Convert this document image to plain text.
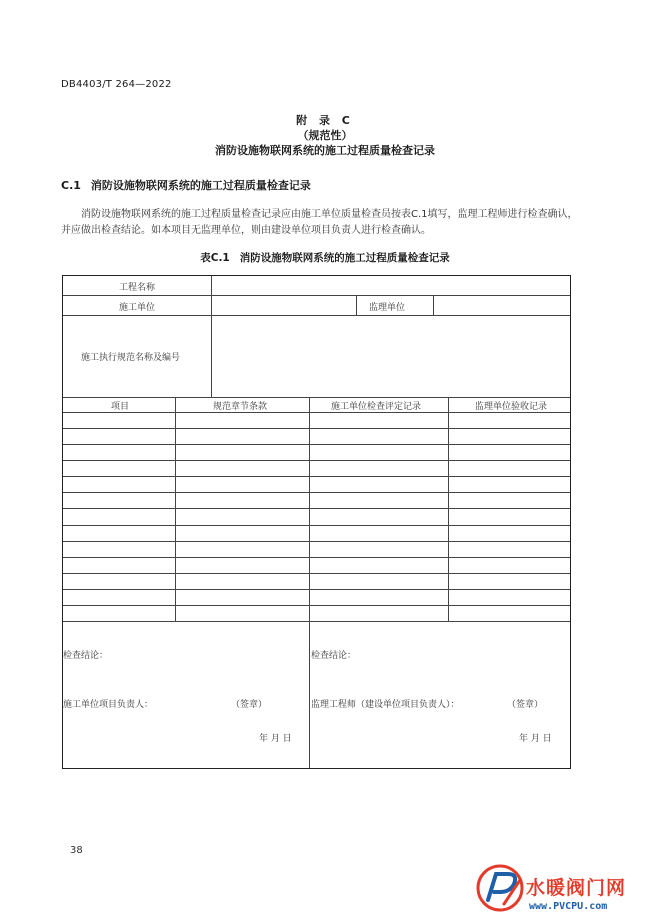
DB4403/T 264—2022
附 录 C
（规范性）
消防设施物联网系统的施工过程质量检查记录
C.1 消防设施物联网系统的施工过程质量检查记录
消防设施物联网系统的施工过程质量检查记录应由施工单位质量检查员按表C.1填写，监理工程师进行检查确认，并应做出检查结论。如本项目无监理单位，则由建设单位项目负责人进行检查确认。
表C.1 消防设施物联网系统的施工过程质量检查记录
工程名称
施工单位	监理单位
施工执行规范名称及编号
项目	规范章节条款	施工单位检查评定记录	监理单位验收记录
检查结论：
施工单位项目负责人：	（签章）
年 月 日
检查结论：
监理工程师（建设单位项目负责人）：	（签章）
年 月 日
38
水暖阀门网
www.PVCPU.com
